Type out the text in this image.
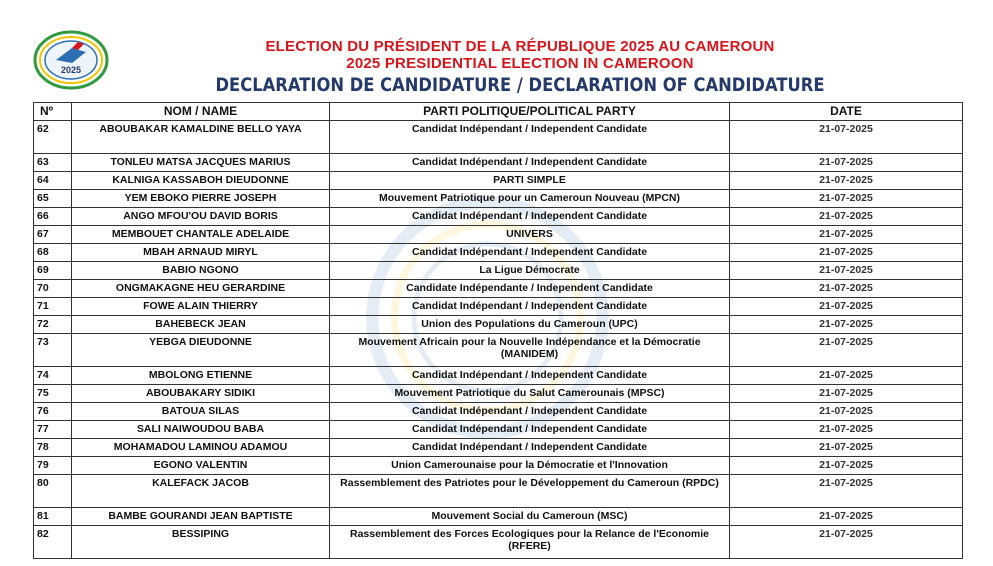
2025
ELECTION DU PRÉSIDENT DE LA RÉPUBLIQUE 2025 AU CAMEROUN
2025 PRESIDENTIAL ELECTION IN CAMEROON
DECLARATION DE CANDIDATURE / DECLARATION OF CANDIDATURE
Nº	NOM / NAME	PARTI POLITIQUE/POLITICAL PARTY	DATE
62	ABOUBAKAR KAMALDINE BELLO YAYA	Candidat Indépendant / Independent Candidate	21-07-2025
63	TONLEU MATSA JACQUES MARIUS	Candidat Indépendant / Independent Candidate	21-07-2025
64	KALNIGA KASSABOH DIEUDONNE	PARTI SIMPLE	21-07-2025
65	YEM EBOKO PIERRE JOSEPH	Mouvement Patriotique pour un Cameroun Nouveau (MPCN)	21-07-2025
66	ANGO MFOU'OU DAVID BORIS	Candidat Indépendant / Independent Candidate	21-07-2025
67	MEMBOUET CHANTALE ADELAIDE	UNIVERS	21-07-2025
68	MBAH ARNAUD MIRYL	Candidat Indépendant / Independent Candidate	21-07-2025
69	BABIO NGONO	La Ligue Démocrate	21-07-2025
70	ONGMAKAGNE HEU GERARDINE	Candidate Indépendante / Independent Candidate	21-07-2025
71	FOWE ALAIN THIERRY	Candidat Indépendant / Independent Candidate	21-07-2025
72	BAHEBECK JEAN	Union des Populations du Cameroun (UPC)	21-07-2025
73	YEBGA DIEUDONNE	Mouvement Africain pour la Nouvelle Indépendance et la Démocratie (MANIDEM)	21-07-2025
74	MBOLONG ETIENNE	Candidat Indépendant / Independent Candidate	21-07-2025
75	ABOUBAKARY SIDIKI	Mouvement Patriotique du Salut Camerounais (MPSC)	21-07-2025
76	BATOUA SILAS	Candidat Indépendant / Independent Candidate	21-07-2025
77	SALI NAIWOUDOU BABA	Candidat Indépendant / Independent Candidate	21-07-2025
78	MOHAMADOU LAMINOU ADAMOU	Candidat Indépendant / Independent Candidate	21-07-2025
79	EGONO VALENTIN	Union Camerounaise pour la Démocratie et l'Innovation	21-07-2025
80	KALEFACK JACOB	Rassemblement des Patriotes pour le Développement du Cameroun (RPDC)	21-07-2025
81	BAMBE GOURANDI JEAN BAPTISTE	Mouvement Social du Cameroun (MSC)	21-07-2025
82	BESSIPING	Rassemblement des Forces Ecologiques pour la Relance de l'Economie (RFERE)	21-07-2025
